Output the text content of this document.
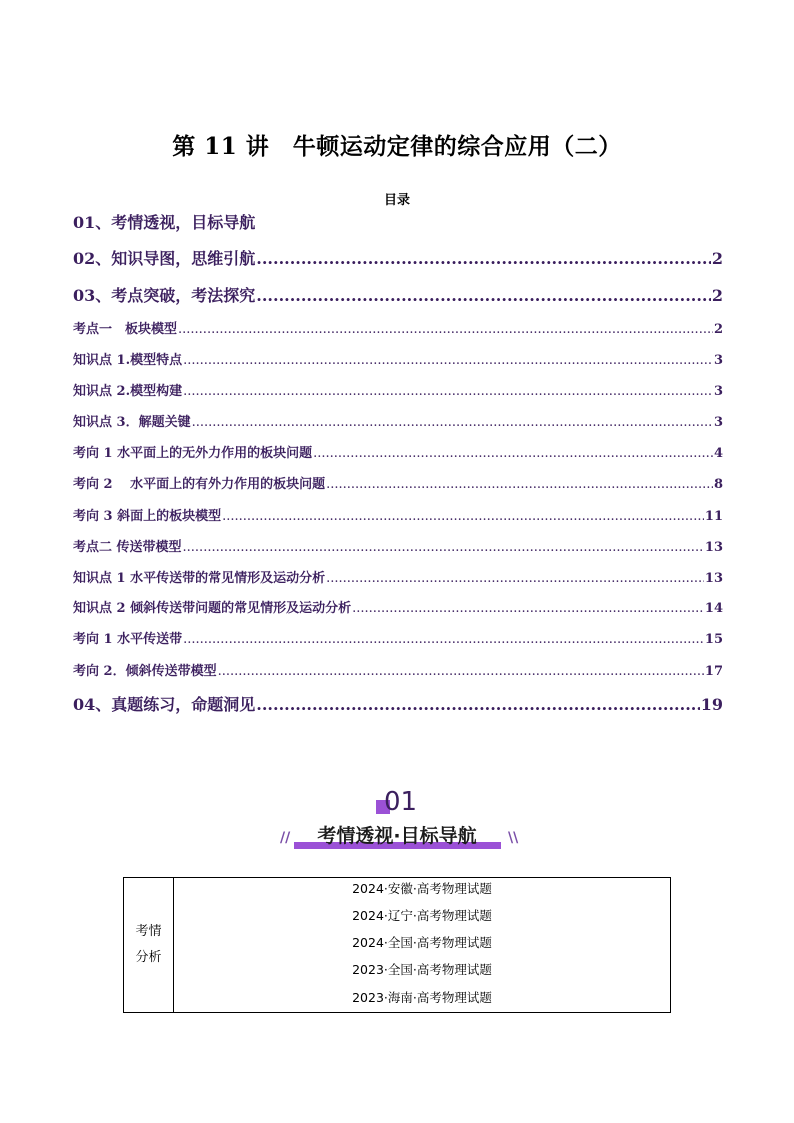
第 11 讲　牛顿运动定律的综合应用（二）
目录
01、考情透视，目标导航
02、知识导图，思维引航 .....	2
03、考点突破，考法探究 .....	2
考点一　板块模型 .....	2
知识点 1.模型特点 .....	3
知识点 2.模型构建 .....	3
知识点 3．解题关键 .....	3
考向 1 水平面上的无外力作用的板块问题 .....	4
考向 2　 水平面上的有外力作用的板块问题 .....	8
考向 3 斜面上的板块模型 .....	11
考点二 传送带模型 .....	13
知识点 1 水平传送带的常见情形及运动分析 .....	13
知识点 2 倾斜传送带问题的常见情形及运动分析 .....	14
考向 1 水平传送带 .....	15
考向 2．倾斜传送带模型 .....	17
04、真题练习，命题洞见 .....	19
01
//	考情透视·目标导航	\\
考情分析
2024·安徽·高考物理试题
2024·辽宁·高考物理试题
2024·全国·高考物理试题
2023·全国·高考物理试题
2023·海南·高考物理试题
